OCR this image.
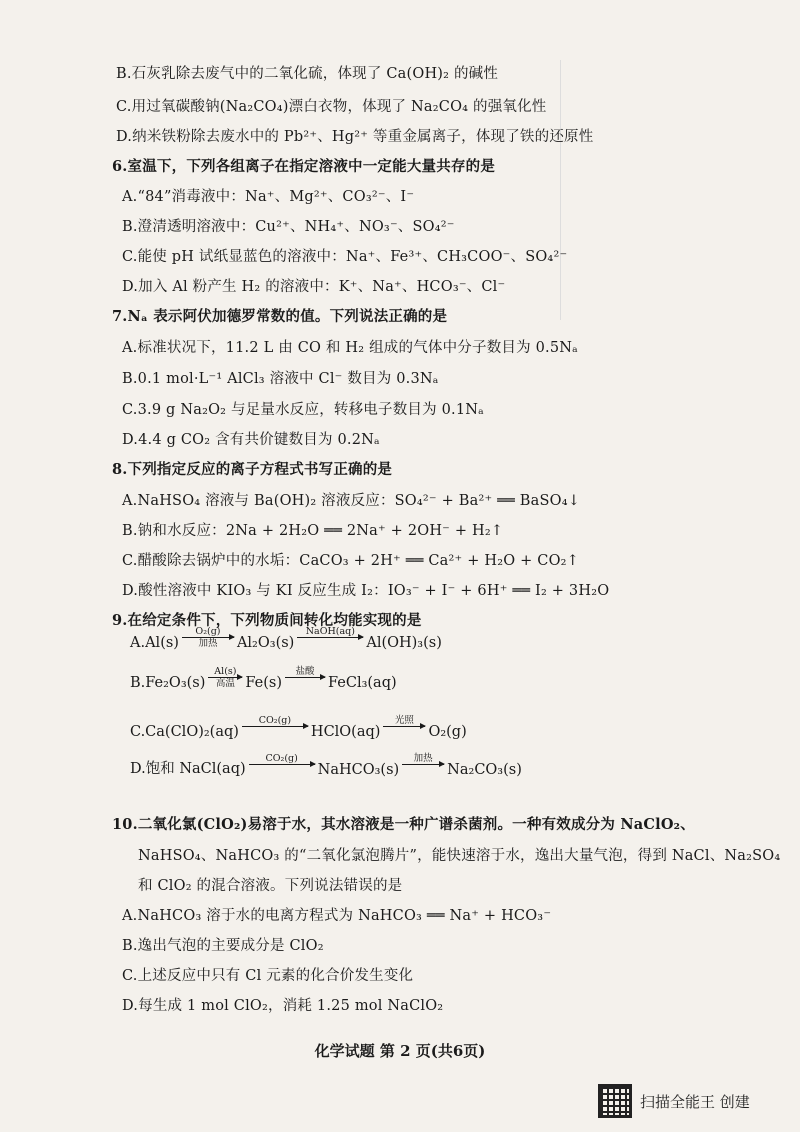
B.石灰乳除去废气中的二氧化硫，体现了 Ca(OH)₂ 的碱性
C.用过氧碳酸钠(Na₂CO₄)漂白衣物，体现了 Na₂CO₄ 的强氧化性
D.纳米铁粉除去废水中的 Pb²⁺、Hg²⁺ 等重金属离子，体现了铁的还原性
6.室温下，下列各组离子在指定溶液中一定能大量共存的是
A.“84”消毒液中：Na⁺、Mg²⁺、CO₃²⁻、I⁻
B.澄清透明溶液中：Cu²⁺、NH₄⁺、NO₃⁻、SO₄²⁻
C.能使 pH 试纸显蓝色的溶液中：Na⁺、Fe³⁺、CH₃COO⁻、SO₄²⁻
D.加入 Al 粉产生 H₂ 的溶液中：K⁺、Na⁺、HCO₃⁻、Cl⁻
7.Nₐ 表示阿伏加德罗常数的值。下列说法正确的是
A.标准状况下，11.2 L 由 CO 和 H₂ 组成的气体中分子数目为 0.5Nₐ
B.0.1 mol·L⁻¹ AlCl₃ 溶液中 Cl⁻ 数目为 0.3Nₐ
C.3.9 g Na₂O₂ 与足量水反应，转移电子数目为 0.1Nₐ
D.4.4 g CO₂ 含有共价键数目为 0.2Nₐ
8.下列指定反应的离子方程式书写正确的是
A.NaHSO₄ 溶液与 Ba(OH)₂ 溶液反应：SO₄²⁻ + Ba²⁺ ══ BaSO₄↓
B.钠和水反应：2Na + 2H₂O ══ 2Na⁺ + 2OH⁻ + H₂↑
C.醋酸除去锅炉中的水垢：CaCO₃ + 2H⁺ ══ Ca²⁺ + H₂O + CO₂↑
D.酸性溶液中 KIO₃ 与 KI 反应生成 I₂：IO₃⁻ + I⁻ + 6H⁺ ══ I₂ + 3H₂O
9.在给定条件下，下列物质间转化均能实现的是
A.Al(s)
O₂(g)
加热 Al₂O₃(s)
NaOH(aq)

Al(OH)₃(s)
B.Fe₂O₃(s)
Al(s)
高温 Fe(s)
盐酸

FeCl₃(aq)
C.Ca(ClO)₂(aq)
CO₂(g)

HClO(aq)
光照

O₂(g)
D.饱和 NaCl(aq)
CO₂(g)

NaHCO₃(s)
加热

Na₂CO₃(s)
10.二氧化氯(ClO₂)易溶于水，其水溶液是一种广谱杀菌剂。一种有效成分为 NaClO₂、
NaHSO₄、NaHCO₃ 的“二氧化氯泡腾片”，能快速溶于水，逸出大量气泡，得到 NaCl、Na₂SO₄
和 ClO₂ 的混合溶液。下列说法错误的是
A.NaHCO₃ 溶于水的电离方程式为 NaHCO₃ ══ Na⁺ + HCO₃⁻
B.逸出气泡的主要成分是 ClO₂
C.上述反应中只有 Cl 元素的化合价发生变化
D.每生成 1 mol ClO₂，消耗 1.25 mol NaClO₂
化学试题 第 2 页(共6页)
扫描全能王 创建
